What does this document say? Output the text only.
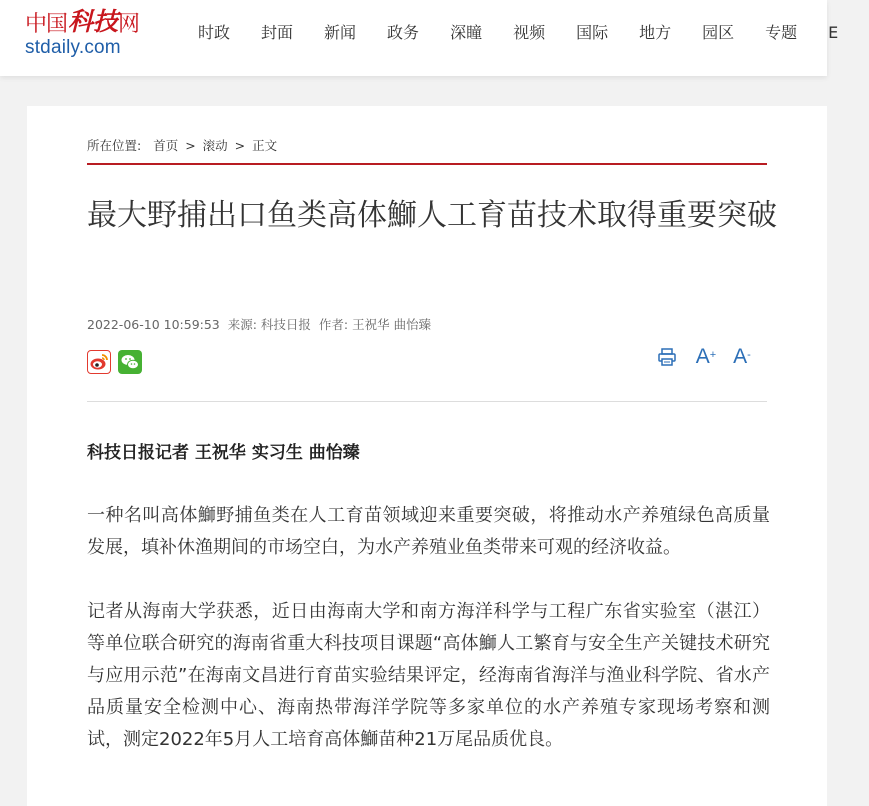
中国 科技 网
stdaily.com
时政 封面 新闻 政务 深瞳 视频 国际 地方 园区 专题 E
所在位置: 首页 > 滚动 > 正文
最大野捕出口鱼类高体鰤人工育苗技术取得重要突破
2022-06-10 10:59:53 来源: 科技日报 作者: 王祝华 曲怡臻
A+ A-
科技日报记者 王祝华 实习生 曲怡臻

一种名叫高体鰤野捕鱼类在人工育苗领域迎来重要突破，将推动水产养殖绿色高质量发展，填补休渔期间的市场空白，为水产养殖业鱼类带来可观的经济收益。

记者从海南大学获悉，近日由海南大学和南方海洋科学与工程广东省实验室（湛江）等单位联合研究的海南省重大科技项目课题“高体鰤人工繁育与安全生产关键技术研究与应用示范”在海南文昌进行育苗实验结果评定，经海南省海洋与渔业科学院、省水产品质量安全检测中心、海南热带海洋学院等多家单位的水产养殖专家现场考察和测试，测定2022年5月人工培育高体鰤苗种21万尾品质优良。
